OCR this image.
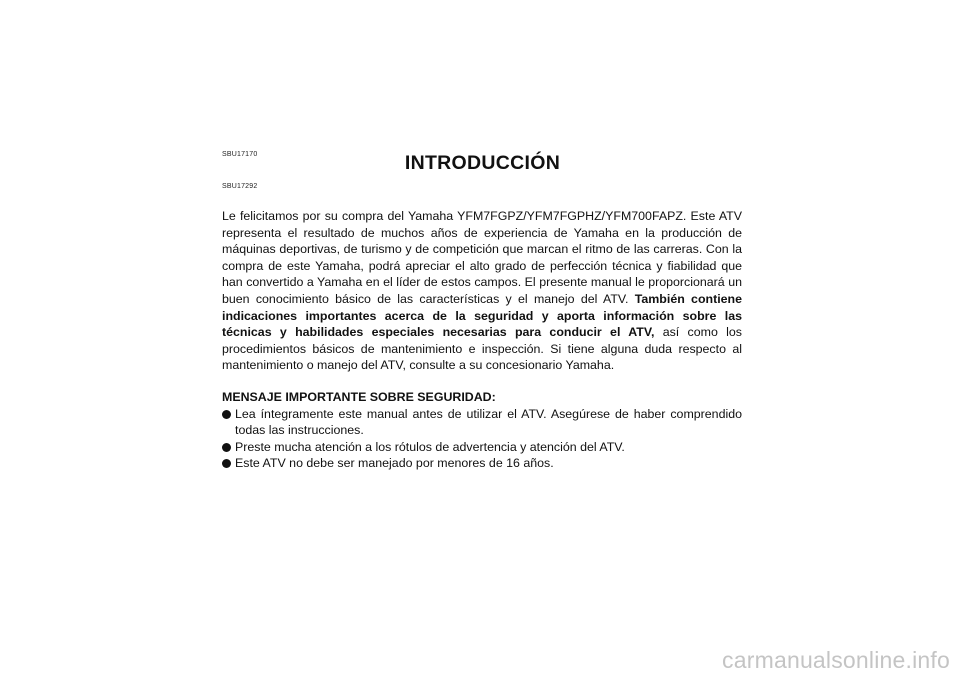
SBU17170	INTRODUCCIÓN
SBU17292

Le felicitamos por su compra del Yamaha YFM7FGPZ/YFM7FGPHZ/YFM700FAPZ. Este ATV representa el resultado de muchos años de experiencia de Yamaha en la producción de máquinas deportivas, de turismo y de competición que marcan el ritmo de las carreras. Con la compra de este Yamaha, podrá apreciar el alto grado de perfección técnica y fiabilidad que han convertido a Yamaha en el líder de estos campos. El presente manual le proporcionará un buen conocimiento básico de las características y el manejo del ATV. También contiene indicaciones importantes acerca de la seguridad y aporta información sobre las técnicas y habilidades especiales necesarias para conducir el ATV, así como los procedimientos básicos de mantenimiento e inspección. Si tiene alguna duda respecto al mantenimiento o manejo del ATV, consulte a su concesionario Yamaha.

MENSAJE IMPORTANTE SOBRE SEGURIDAD:

Lea íntegramente este manual antes de utilizar el ATV. Asegúrese de haber comprendido todas las instrucciones.
Preste mucha atención a los rótulos de advertencia y atención del ATV.
Este ATV no debe ser manejado por menores de 16 años.
carmanualsonline.info
